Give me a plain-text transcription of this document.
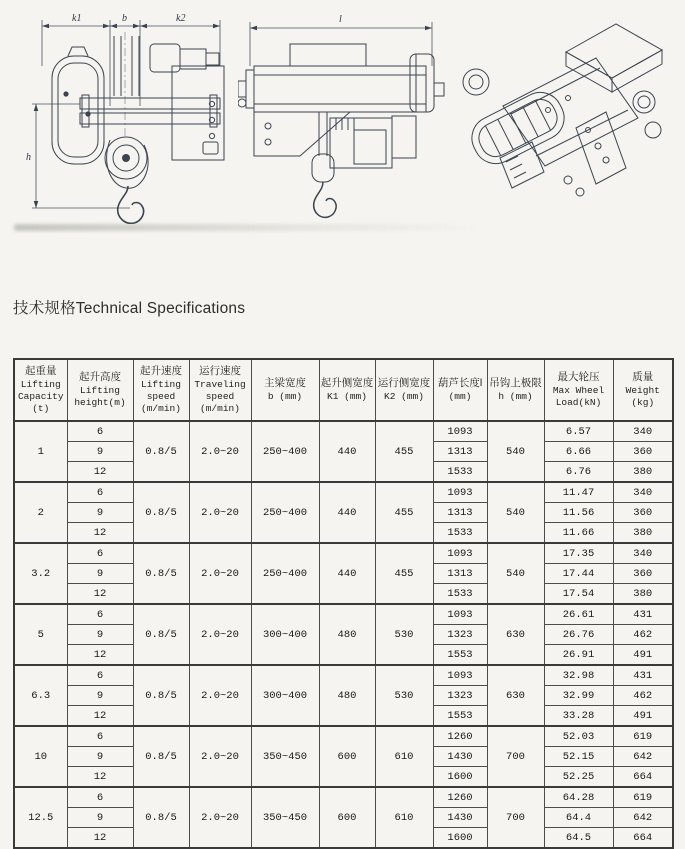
k1	b	k2
h
l
技术规格Technical Specifications
起重量
Lifting
Capacity
(t)	起升高度
Lifting
height(m)	起升速度
Lifting
speed
(m/min)	运行速度
Traveling
speed
(m/min)	主梁宽度
b (mm)	起升侧宽度
K1 (mm)	运行侧宽度
K2 (mm)	葫芦长度l
(mm)	吊钩上极限
h (mm)	最大轮压
Max Wheel
Load(kN)	质量
Weight
(kg)

1	6	0.8/5	2.0~20	250~400	440	455	1093	540	6.57	340
	9						1313		6.66	360
	12						1533		6.76	380
2	6	0.8/5	2.0~20	250~400	440	455	1093	540	11.47	340
	9						1313		11.56	360
	12						1533		11.66	380
3.2	6	0.8/5	2.0~20	250~400	440	455	1093	540	17.35	340
	9						1313		17.44	360
	12						1533		17.54	380
5	6	0.8/5	2.0~20	300~400	480	530	1093	630	26.61	431
	9						1323		26.76	462
	12						1553		26.91	491
6.3	6	0.8/5	2.0~20	300~400	480	530	1093	630	32.98	431
	9						1323		32.99	462
	12						1553		33.28	491
10	6	0.8/5	2.0~20	350~450	600	610	1260	700	52.03	619
	9						1430		52.15	642
	12						1600		52.25	664
12.5	6	0.8/5	2.0~20	350~450	600	610	1260	700	64.28	619
	9						1430		64.4	642
	12						1600		64.5	664
